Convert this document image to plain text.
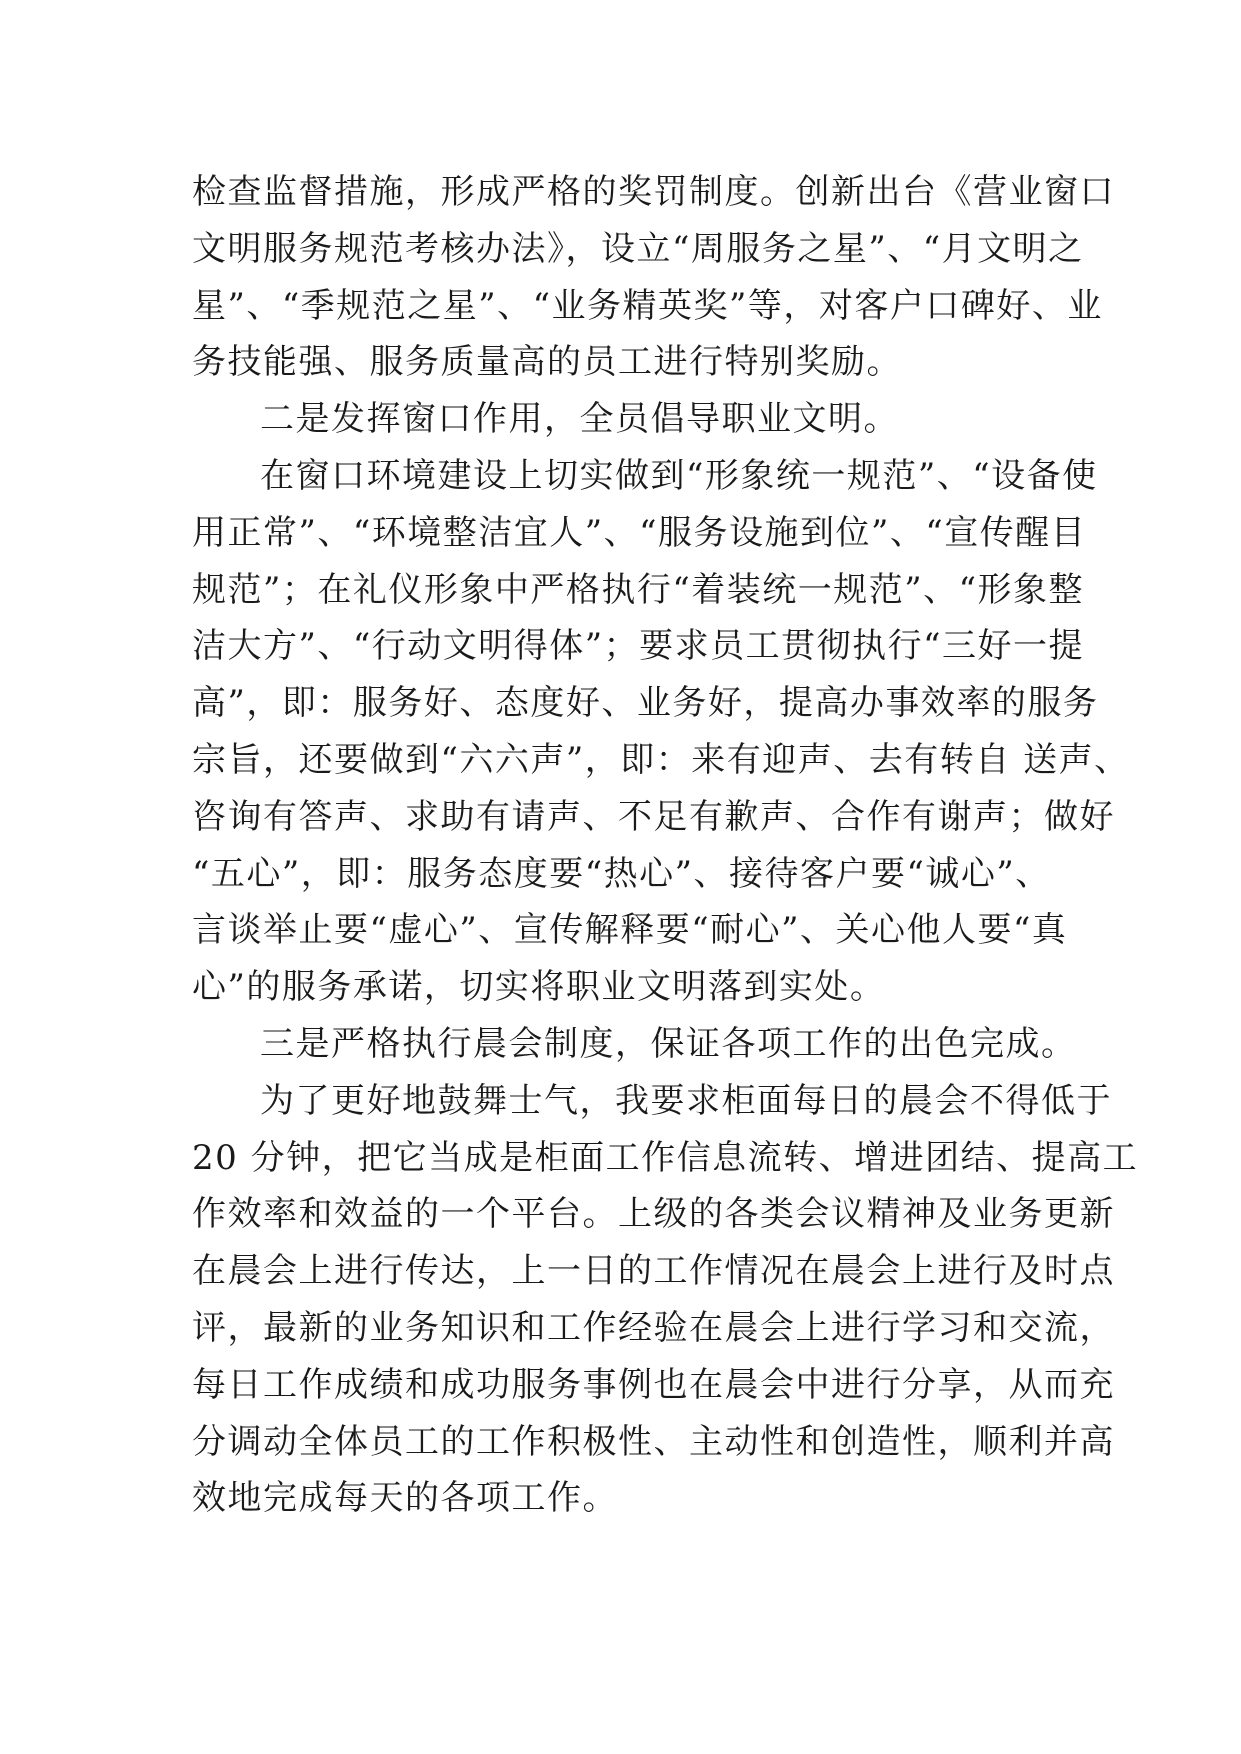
检查监督措施，形成严格的奖罚制度。创新出台《营业窗口
文明服务规范考核办法》，设立“周服务之星”、“月文明之
星”、“季规范之星”、“业务精英奖”等，对客户口碑好、业
务技能强、服务质量高的员工进行特别奖励。
二是发挥窗口作用，全员倡导职业文明。
在窗口环境建设上切实做到“形象统一规范”、“设备使
用正常”、“环境整洁宜人”、“服务设施到位”、“宣传醒目
规范”；在礼仪形象中严格执行“着装统一规范”、“形象整
洁大方”、“行动文明得体”；要求员工贯彻执行“三好一提
高”，即：服务好、态度好、业务好，提高办事效率的服务
宗旨，还要做到“六六声”，即：来有迎声、去有转自 送声、
咨询有答声、求助有请声、不足有歉声、合作有谢声；做好
“五心”，即：服务态度要“热心”、接待客户要“诚心”、
言谈举止要“虚心”、宣传解释要“耐心”、关心他人要“真
心”的服务承诺，切实将职业文明落到实处。
三是严格执行晨会制度，保证各项工作的出色完成。
为了更好地鼓舞士气，我要求柜面每日的晨会不得低于
20 分钟，把它当成是柜面工作信息流转、增进团结、提高工
作效率和效益的一个平台。上级的各类会议精神及业务更新
在晨会上进行传达，上一日的工作情况在晨会上进行及时点
评，最新的业务知识和工作经验在晨会上进行学习和交流，
每日工作成绩和成功服务事例也在晨会中进行分享，从而充
分调动全体员工的工作积极性、主动性和创造性，顺利并高
效地完成每天的各项工作。
